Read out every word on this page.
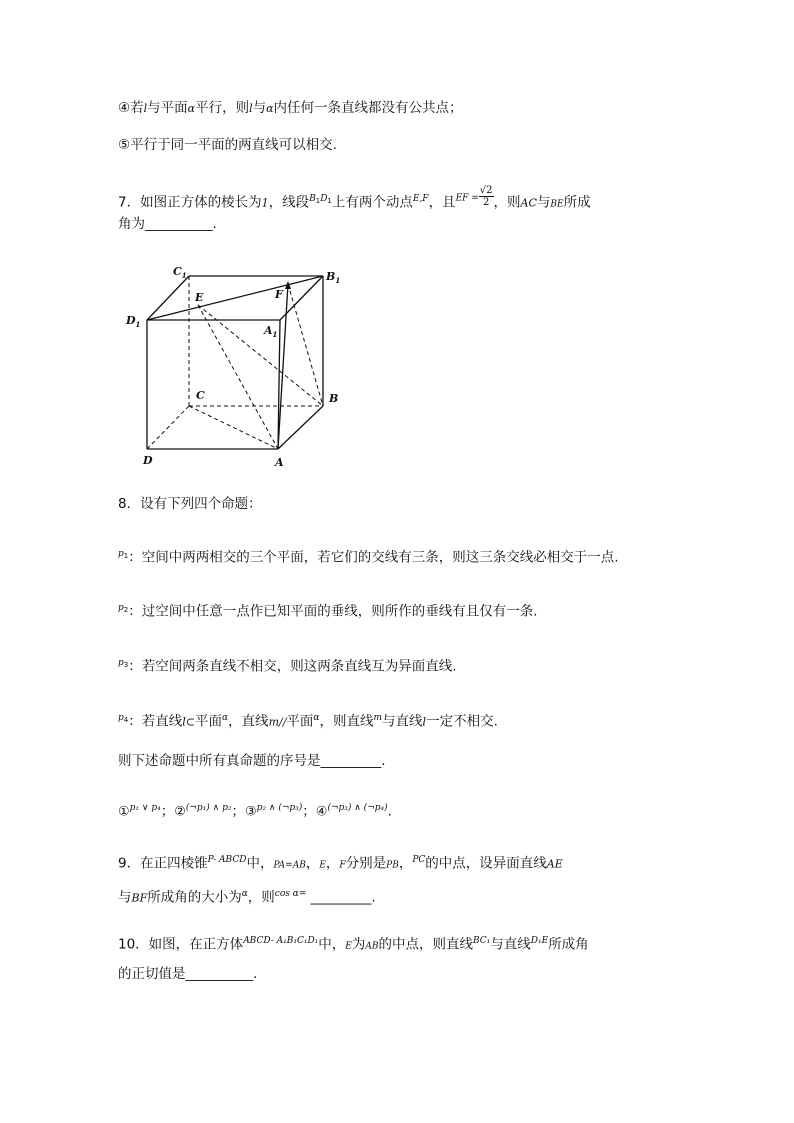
④若l与平面α平行，则l与α内任何一条直线都没有公共点；
⑤平行于同一平面的两直线可以相交.
7．如图正方体的棱长为1，线段$^{B_1D_1}$上有两个动点$^{E,F}$，且$^{EF =} \frac{√2}{2}$ ，则AC与BE所成
角为__________.
$C_1$	$B_1$
$D_1$	$A_1$
E	F
C	B
D	A
8．设有下列四个命题：
$^{p_1}$：空间中两两相交的三个平面，若它们的交线有三条，则这三条交线必相交于一点.
$^{p_2}$：过空间中任意一点作已知平面的垂线，则所作的垂线有且仅有一条.
$^{p_3}$：若空间两条直线不相交，则这两条直线互为异面直线.
$^{p_4}$：若直线l⊂平面$^\alpha$，直线m//平面$^\alpha$，则直线$^m$与直线l一定不相交.
则下述命题中所有真命题的序号是_________.
①$^{p_1 \vee p_4}$；②$^{(\neg p_1) \wedge p_2}$；③$^{p_2 \wedge (\neg p_3)}$；④$^{(\neg p_3) \wedge (\neg p_4)}$.
9．在正四棱锥$^{P- ABCD}$中，PA=AB，E，F分别是PB，$^{PC}$的中点，设异面直线AE
与BF所成角的大小为$^\alpha$，则$^{cos \alpha=}$ _________.
10．如图，在正方体$^{ABCD- A_1B_1C_1D_1}$中，E为AB的中点，则直线$^{BC_1}$与直线$^{D_1E}$所成角
的正切值是__________.
